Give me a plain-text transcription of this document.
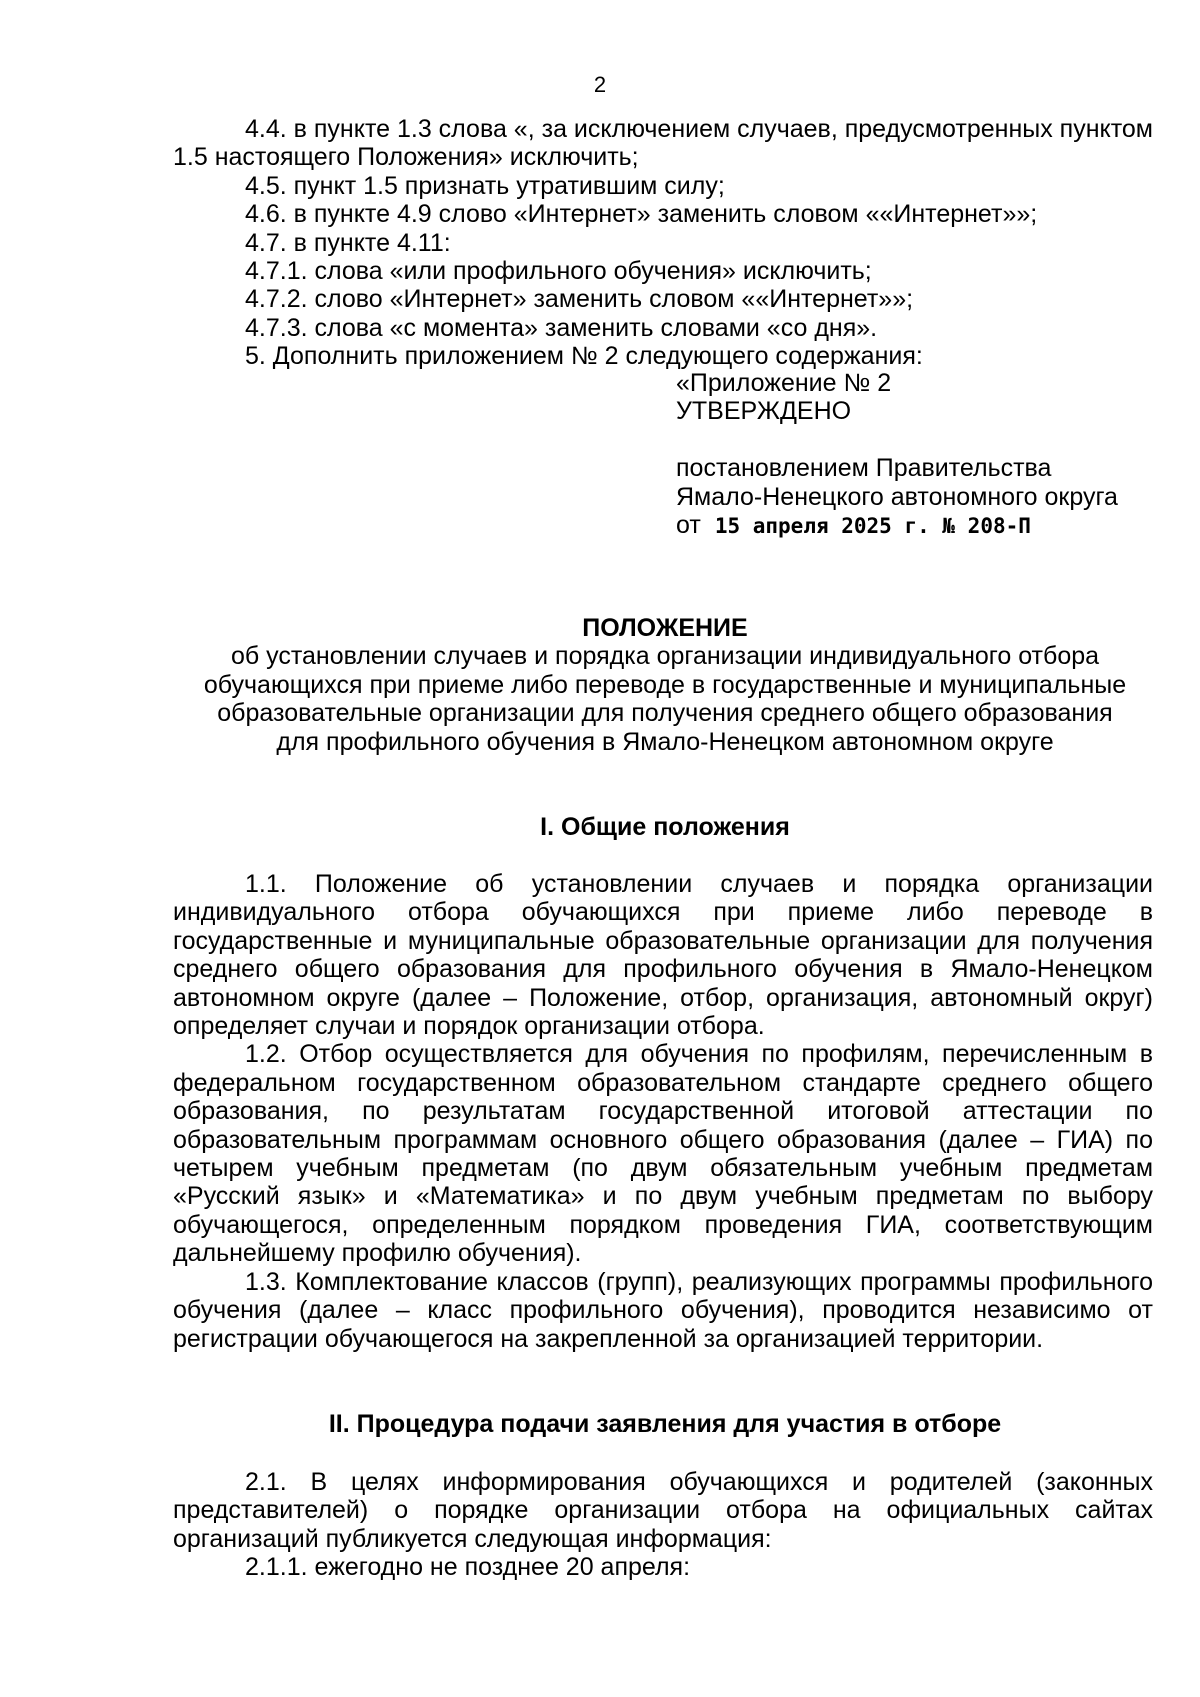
2

4.4. в пункте 1.3 слова «, за исключением случаев, предусмотренных пунктом 1.5 настоящего Положения» исключить;

4.5. пункт 1.5 признать утратившим силу;

4.6. в пункте 4.9 слово «Интернет» заменить словом ««Интернет»»;

4.7. в пункте 4.11:

4.7.1. слова «или профильного обучения» исключить;

4.7.2. слово «Интернет» заменить словом ««Интернет»»;

4.7.3. слова «с момента» заменить словами «со дня».

5. Дополнить приложением № 2 следующего содержания:

«Приложение № 2

УТВЕРЖДЕНО

постановлением Правительства

Ямало-Ненецкого автономного округа

от 15 апреля 2025 г. № 208-П

ПОЛОЖЕНИЕ

об установлении случаев и порядка организации индивидуального отбора

обучающихся при приеме либо переводе в государственные и муниципальные

образовательные организации для получения среднего общего образования

для профильного обучения в Ямало-Ненецком автономном округе

I. Общие положения

1.1. Положение об установлении случаев и порядка организации индивидуального отбора обучающихся при приеме либо переводе в государственные и муниципальные образовательные организации для получения среднего общего образования для профильного обучения в Ямало-Ненецком автономном округе (далее – Положение, отбор, организация, автономный округ) определяет случаи и порядок организации отбора.

1.2. Отбор осуществляется для обучения по профилям, перечисленным в федеральном государственном образовательном стандарте среднего общего образования, по результатам государственной итоговой аттестации по образовательным программам основного общего образования (далее – ГИА) по четырем учебным предметам (по двум обязательным учебным предметам «Русский язык» и «Математика» и по двум учебным предметам по выбору обучающегося, определенным порядком проведения ГИА, соответствующим дальнейшему профилю обучения).

1.3. Комплектование классов (групп), реализующих программы профильного обучения (далее – класс профильного обучения), проводится независимо от регистрации обучающегося на закрепленной за организацией территории.

II. Процедура подачи заявления для участия в отборе

2.1. В целях информирования обучающихся и родителей (законных представителей) о порядке организации отбора на официальных сайтах организаций публикуется следующая информация:

2.1.1. ежегодно не позднее 20 апреля:
